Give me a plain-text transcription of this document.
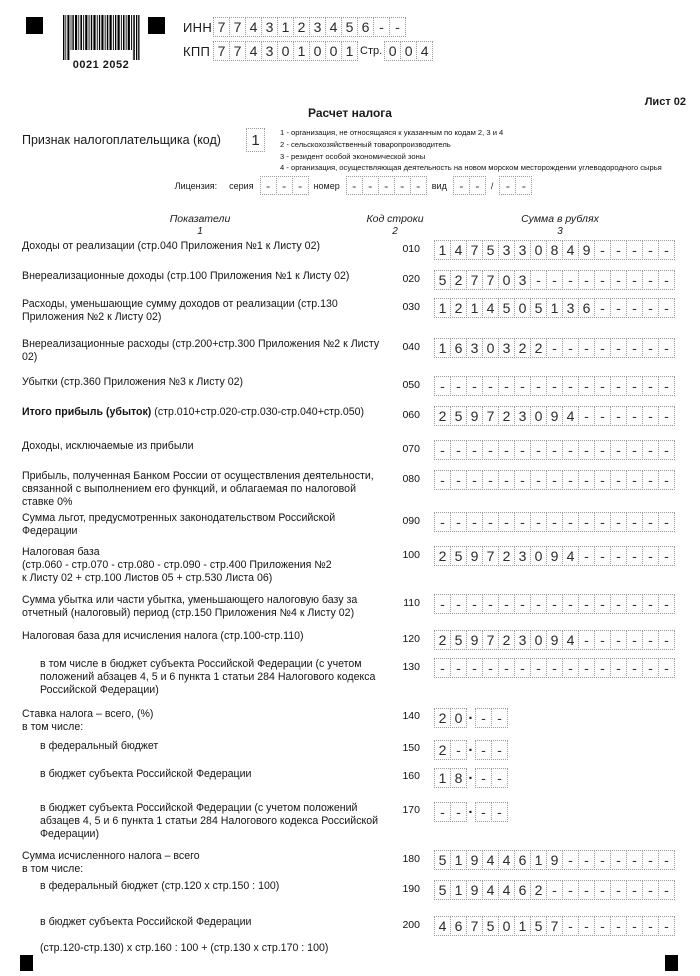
0021 2052
ИНН 7 7 4 3 1 2 3 4 5 6 - -
КПП 7 7 4 3 0 1 0 0 1 Стр. 0 0 4
Лист 02
Расчет налога
Признак налогоплательщика (код)	1	1 - организация, не относящаяся к указанным по кодам 2, 3 и 4
2 - сельскохозяйственный товаропроизводитель
3 - резидент особой экономической зоны
4 - организация, осуществляющая деятельность на новом морском месторождении углеводородного сырья
Лицензия: серия	-	-	-	номер	-	-	-	-	-	вид	-	-	/	-	-
Показатели
1
Код строки
2
Сумма в рублях
3
Доходы от реализации (стр.040 Приложения №1 к Листу 02)	010	1 4 7 5 3 3 0 8 4 9 - - - - -
Внереализационные доходы (стр.100 Приложения №1 к Листу 02)	020	5 2 7 7 0 3 - - - - - - - - -
Расходы, уменьшающие сумму доходов от реализации (стр.130 Приложения №2 к Листу 02)
030	1 2 1 4 5 0 5 1 3 6 - - - - -
Внереализационные расходы (стр.200+стр.300 Приложения №2 к Листу 02)
040	1 6 3 0 3 2 2 - - - - - - - -
Убытки (стр.360 Приложения №3 к Листу 02)	050	- - - - - - - - - - - - - - -
Итого прибыль (убыток) (стр.010+стр.020-стр.030-стр.040+стр.050)	060	2 5 9 7 2 3 0 9 4 - - - - - -
Доходы, исключаемые из прибыли	070	- - - - - - - - - - - - - - -
Прибыль, полученная Банком России от осуществления деятельности, связанной с выполнением его функций, и облагаемая по налоговой ставке 0%
080	- - - - - - - - - - - - - - -
Сумма льгот, предусмотренных законодательством Российской Федерации
090	- - - - - - - - - - - - - - -
Налоговая база
(стр.060 - стр.070 - стр.080 - стр.090 - стр.400 Приложения №2
к Листу 02 + стр.100 Листов 05 + стр.530 Листа 06)
100	2 5 9 7 2 3 0 9 4 - - - - - -
Сумма убытка или части убытка, уменьшающего налоговую базу за отчетный (налоговый) период (стр.150 Приложения №4 к Листу 02)
110	- - - - - - - - - - - - - - -
Налоговая база для исчисления налога (стр.100-стр.110)	120	2 5 9 7 2 3 0 9 4 - - - - - -
в том числе в бюджет субъекта Российской Федерации (с учетом положений абзацев 4, 5 и 6 пункта 1 статьи 284 Налогового кодекса Российской Федерации)
130	- - - - - - - - - - - - - - -
Ставка налога – всего, (%)
в том числе:
140	2 0 . - -
в федеральный бюджет	150	2 - . - -
в бюджет субъекта Российской Федерации	160	1 8 . - -
в бюджет субъекта Российской Федерации (с учетом положений абзацев 4, 5 и 6 пункта 1 статьи 284 Налогового кодекса Российской Федерации)
170	- - . - -
Сумма исчисленного налога – всего
в том числе:
180	5 1 9 4 4 6 1 9 - - - - - - -
в федеральный бюджет (стр.120 х стр.150 : 100)	190	5 1 9 4 4 6 2 - - - - - - - -
в бюджет субъекта Российской Федерации

(стр.120-стр.130) х стр.160 : 100 + (стр.130 х стр.170 : 100)
200	4 6 7 5 0 1 5 7 - - - - - - -
